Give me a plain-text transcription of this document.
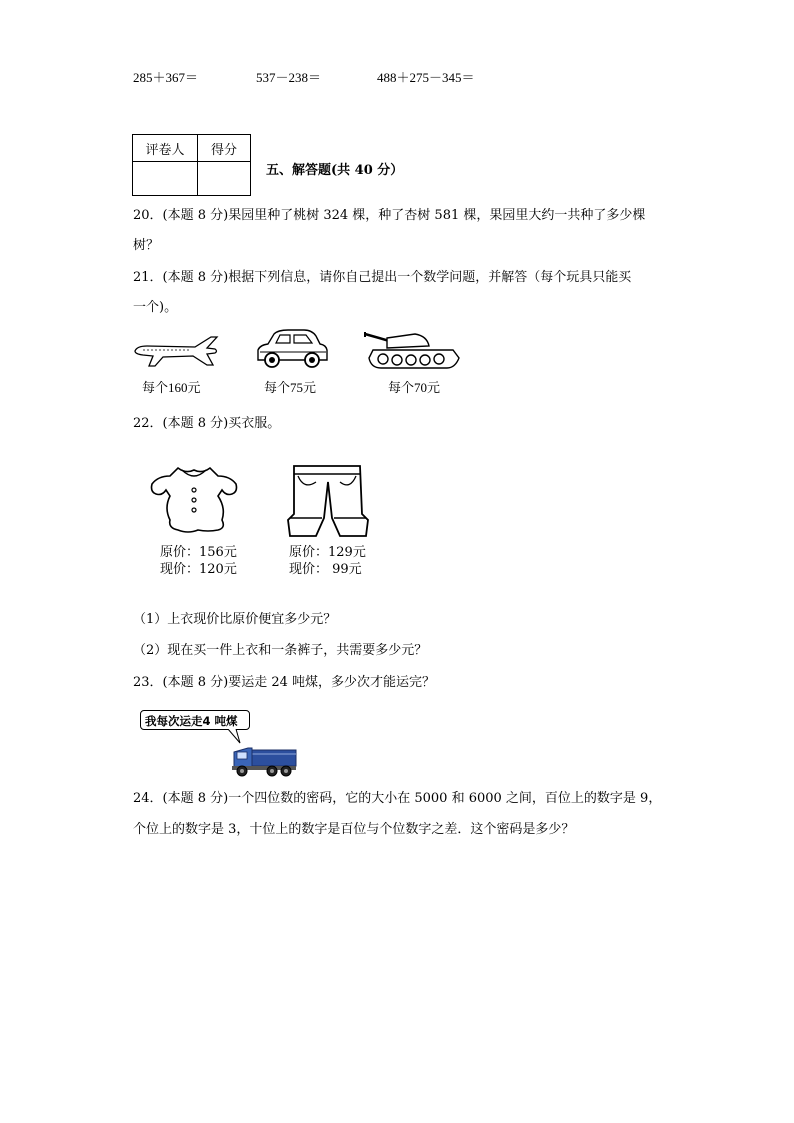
285＋367＝	537－238＝	488＋275－345＝
评卷人	得分

五、解答题(共 40 分）
20．(本题 8 分)果园里种了桃树 324 棵，种了杏树 581 棵，果园里大约一共种了多少棵
树？
21．(本题 8 分)根据下列信息，请你自己提出一个数学问题，并解答（每个玩具只能买
一个)。
每个160元	每个75元	每个70元
22．(本题 8 分)买衣服。
原价：156元
现价：120元
原价：129元
现价： 99元
（1）上衣现价比原价便宜多少元？
（2）现在买一件上衣和一条裤子，共需要多少元？
23．(本题 8 分)要运走 24 吨煤，多少次才能运完？
我每次运走4 吨煤
24．(本题 8 分)一个四位数的密码，它的大小在 5000 和 6000 之间，百位上的数字是 9，
个位上的数字是 3，十位上的数字是百位与个位数字之差．这个密码是多少？
